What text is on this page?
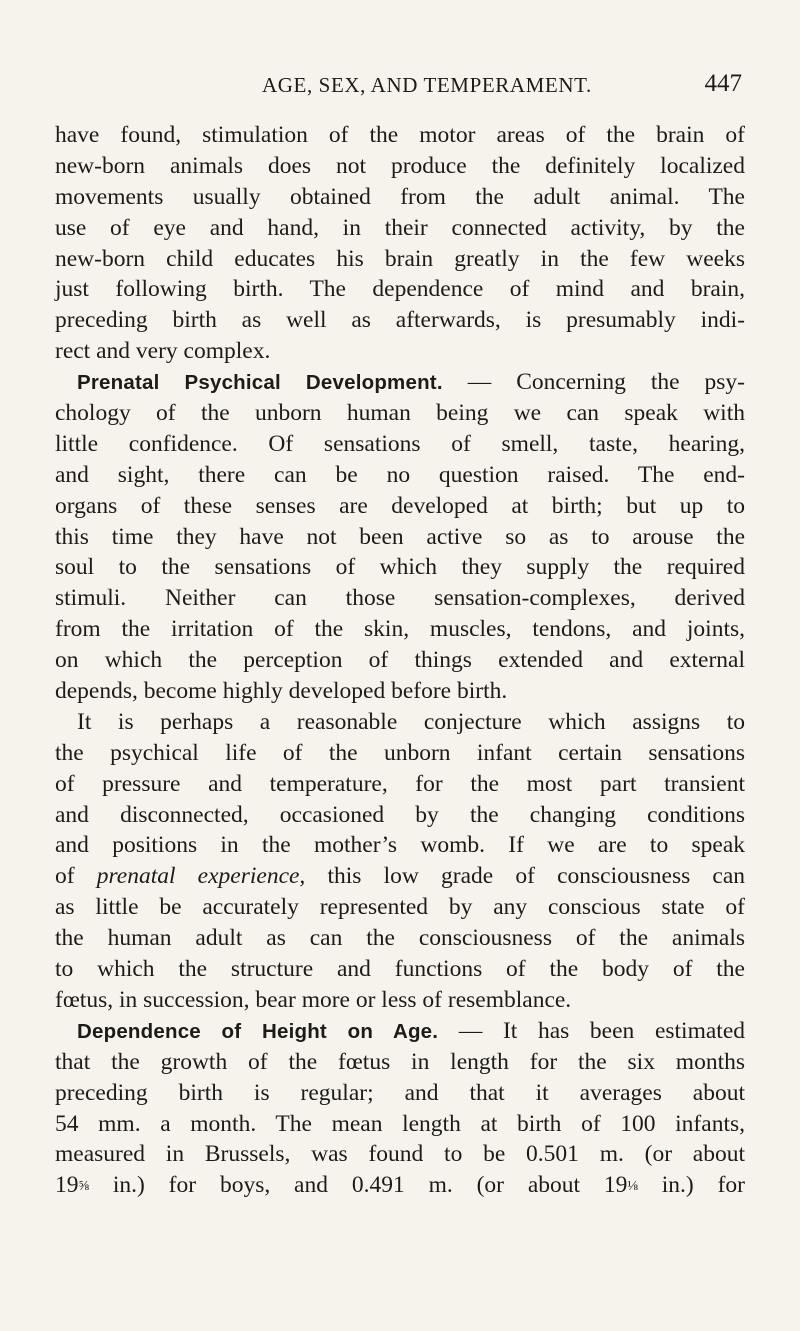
AGE, SEX, AND TEMPERAMENT.	447
have found, stimulation of the motor areas of the brain of
new-born animals does not produce the definitely localized
movements usually obtained from the adult animal. The
use of eye and hand, in their connected activity, by the
new-born child educates his brain greatly in the few weeks
just following birth. The dependence of mind and brain,
preceding birth as well as afterwards, is presumably indi-
rect and very complex.
Prenatal Psychical Development. — Concerning the psy-
chology of the unborn human being we can speak with
little confidence. Of sensations of smell, taste, hearing,
and sight, there can be no question raised. The end-
organs of these senses are developed at birth; but up to
this time they have not been active so as to arouse the
soul to the sensations of which they supply the required
stimuli. Neither can those sensation-complexes, derived
from the irritation of the skin, muscles, tendons, and joints,
on which the perception of things extended and external
depends, become highly developed before birth.
It is perhaps a reasonable conjecture which assigns to
the psychical life of the unborn infant certain sensations
of pressure and temperature, for the most part transient
and disconnected, occasioned by the changing conditions
and positions in the mother’s womb. If we are to speak
of prenatal experience, this low grade of consciousness can
as little be accurately represented by any conscious state of
the human adult as can the consciousness of the animals
to which the structure and functions of the body of the
fœtus, in succession, bear more or less of resemblance.
Dependence of Height on Age. — It has been estimated
that the growth of the fœtus in length for the six months
preceding birth is regular; and that it averages about
54 mm. a month. The mean length at birth of 100 infants,
measured in Brussels, was found to be 0.501 m. (or about
19⅝ in.) for boys, and 0.491 m. (or about 19⅛ in.) for
